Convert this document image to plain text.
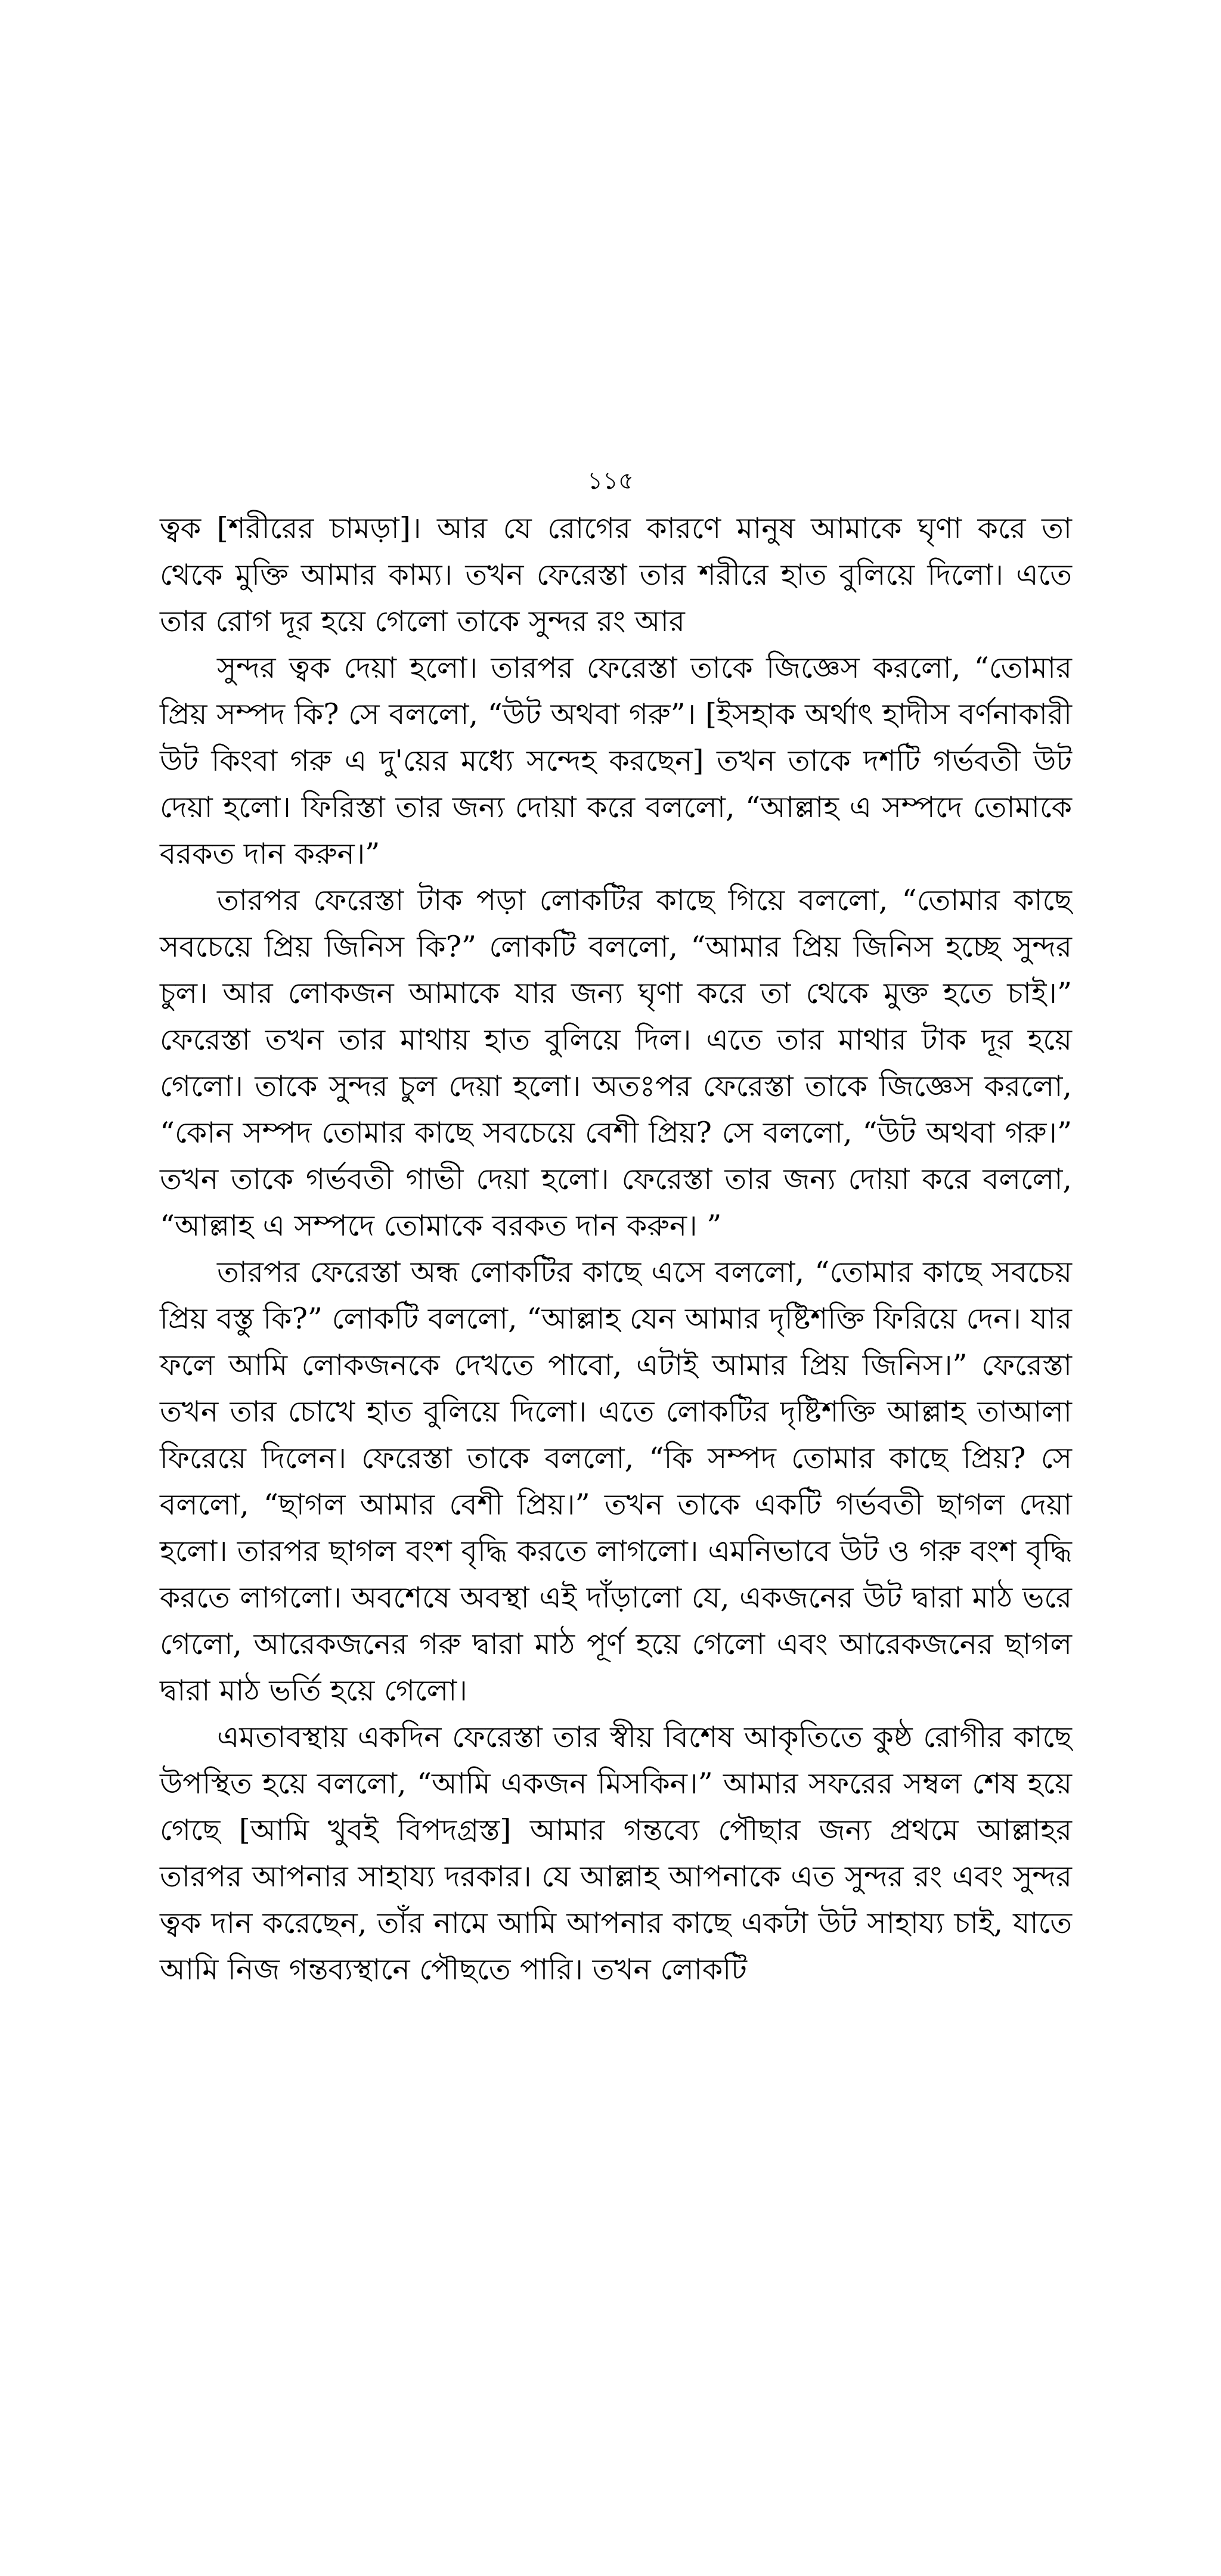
১১৫

ত্বক [শরীরের চামড়া]। আর যে রোগের কারণে মানুষ আমাকে ঘৃণা করে তা থেকে মুক্তি আমার কাম্য। তখন ফেরেস্তা তার শরীরে হাত বুলিয়ে দিলো। এতে তার রোগ দূর হয়ে গেলো তাকে সুন্দর রং আর

সুন্দর ত্বক দেয়া হলো। তারপর ফেরেস্তা তাকে জিজ্ঞেস করলো, “তোমার প্রিয় সম্পদ কি? সে বললো, “উট অথবা গরু”। [ইসহাক অর্থাৎ হাদীস বর্ণনাকারী উট কিংবা গরু এ দু'য়ের মধ্যে সন্দেহ করছেন] তখন তাকে দশটি গর্ভবতী উট দেয়া হলো। ফিরিস্তা তার জন্য দোয়া করে বললো, “আল্লাহ এ সম্পদে তোমাকে বরকত দান করুন।”

তারপর ফেরেস্তা টাক পড়া লোকটির কাছে গিয়ে বললো, “তোমার কাছে সবচেয়ে প্রিয় জিনিস কি?” লোকটি বললো, “আমার প্রিয় জিনিস হচ্ছে সুন্দর চুল। আর লোকজন আমাকে যার জন্য ঘৃণা করে তা থেকে মুক্ত হতে চাই।” ফেরেস্তা তখন তার মাথায় হাত বুলিয়ে দিল। এতে তার মাথার টাক দূর হয়ে গেলো। তাকে সুন্দর চুল দেয়া হলো। অতঃপর ফেরেস্তা তাকে জিজ্ঞেস করলো, “কোন সম্পদ তোমার কাছে সবচেয়ে বেশী প্রিয়? সে বললো, “উট অথবা গরু।” তখন তাকে গর্ভবতী গাভী দেয়া হলো। ফেরেস্তা তার জন্য দোয়া করে বললো, “আল্লাহ এ সম্পদে তোমাকে বরকত দান করুন। ”

তারপর ফেরেস্তা অন্ধ লোকটির কাছে এসে বললো, “তোমার কাছে সবচেয় প্রিয় বস্তু কি?” লোকটি বললো, “আল্লাহ যেন আমার দৃষ্টিশক্তি ফিরিয়ে দেন। যার ফলে আমি লোকজনকে দেখতে পাবো, এটাই আমার প্রিয় জিনিস।” ফেরেস্তা তখন তার চোখে হাত বুলিয়ে দিলো। এতে লোকটির দৃষ্টিশক্তি আল্লাহ তাআলা ফিরেয়ে দিলেন। ফেরেস্তা তাকে বললো, “কি সম্পদ তোমার কাছে প্রিয়? সে বললো, “ছাগল আমার বেশী প্রিয়।” তখন তাকে একটি গর্ভবতী ছাগল দেয়া হলো। তারপর ছাগল বংশ বৃদ্ধি করতে লাগলো। এমনিভাবে উট ও গরু বংশ বৃদ্ধি করতে লাগলো। অবশেষে অবস্থা এই দাঁড়ালো যে, একজনের উট দ্বারা মাঠ ভরে গেলো, আরেকজনের গরু দ্বারা মাঠ পূর্ণ হয়ে গেলো এবং আরেকজনের ছাগল দ্বারা মাঠ ভর্তি হয়ে গেলো।

এমতাবস্থায় একদিন ফেরেস্তা তার স্বীয় বিশেষ আকৃতিতে কুষ্ঠ রোগীর কাছে উপস্থিত হয়ে বললো, “আমি একজন মিসকিন।” আমার সফরের সম্বল শেষ হয়ে গেছে [আমি খুবই বিপদগ্রস্ত] আমার গন্তব্যে পৌছার জন্য প্রথমে আল্লাহর তারপর আপনার সাহায্য দরকার। যে আল্লাহ আপনাকে এত সুন্দর রং এবং সুন্দর ত্বক দান করেছেন, তাঁর নামে আমি আপনার কাছে একটা উট সাহায্য চাই, যাতে আমি নিজ গন্তব্যস্থানে পৌছতে পারি। তখন লোকটি
